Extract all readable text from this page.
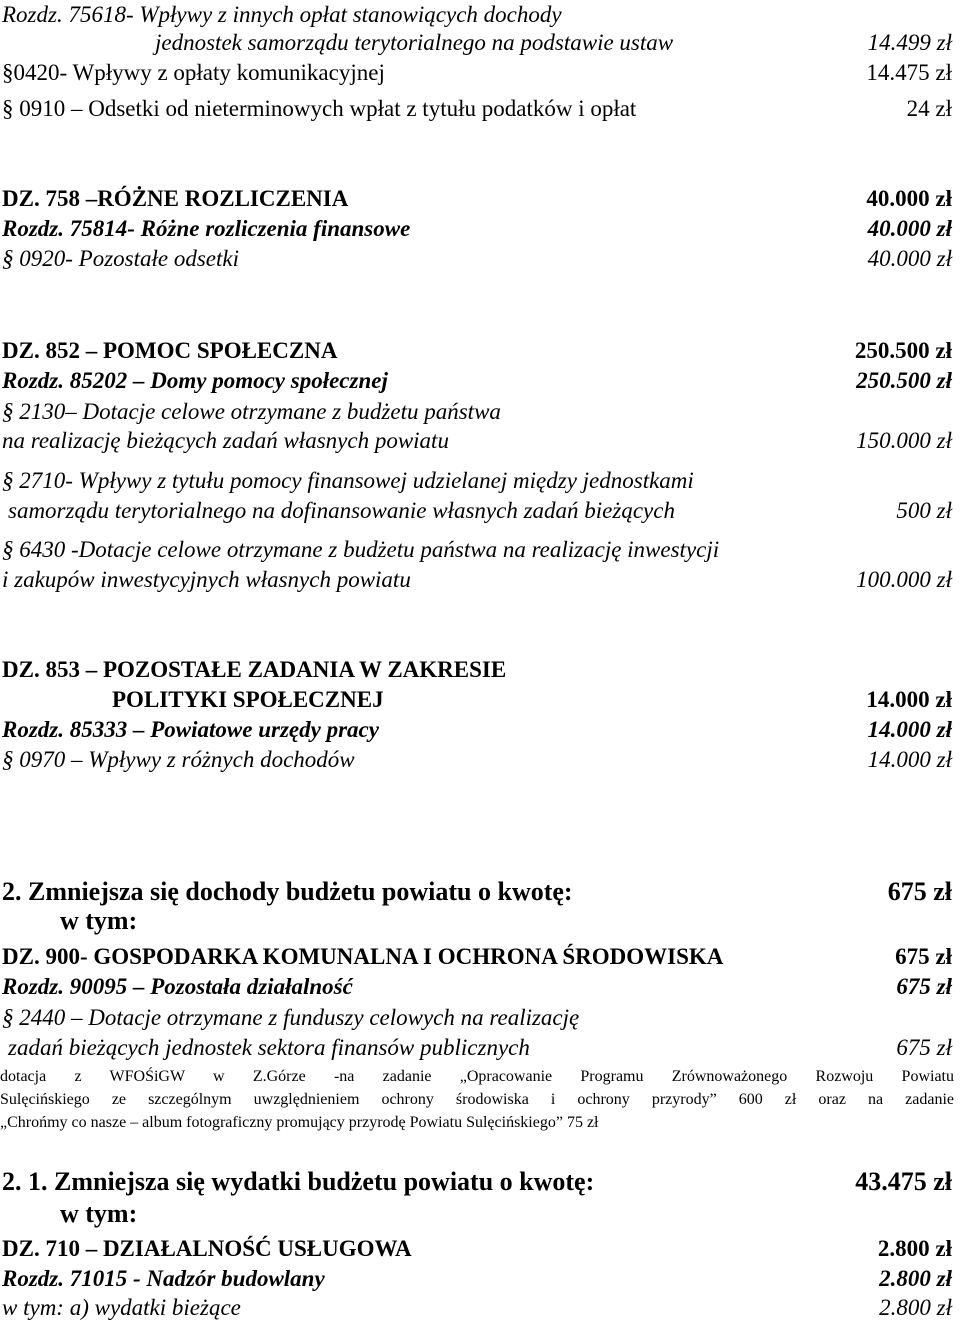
Rozdz. 75618- Wpływy z innych opłat stanowiących dochody
jednostek samorządu terytorialnego na podstawie ustaw	14.499 zł
§0420- Wpływy z opłaty komunikacyjnej	14.475 zł
§ 0910 – Odsetki od nieterminowych wpłat z tytułu podatków i opłat	24 zł
DZ. 758 –RÓŻNE ROZLICZENIA	40.000 zł
Rozdz. 75814- Różne rozliczenia finansowe	40.000 zł
§ 0920- Pozostałe odsetki	40.000 zł
DZ. 852 – POMOC SPOŁECZNA	250.500 zł
Rozdz. 85202 – Domy pomocy społecznej	250.500 zł
§ 2130– Dotacje celowe otrzymane z budżetu państwa
na realizację bieżących zadań własnych powiatu	150.000 zł
§ 2710- Wpływy z tytułu pomocy finansowej udzielanej między jednostkami
samorządu terytorialnego na dofinansowanie własnych zadań bieżących	500 zł
§ 6430 -Dotacje celowe otrzymane z budżetu państwa na realizację inwestycji
i zakupów inwestycyjnych własnych powiatu	100.000 zł
DZ. 853 – POZOSTAŁE ZADANIA W ZAKRESIE
POLITYKI SPOŁECZNEJ	14.000 zł
Rozdz. 85333 – Powiatowe urzędy pracy	14.000 zł
§ 0970 – Wpływy z różnych dochodów	14.000 zł
2. Zmniejsza się dochody budżetu powiatu o kwotę:	675 zł
w tym:
DZ. 900- GOSPODARKA KOMUNALNA I OCHRONA ŚRODOWISKA	675 zł
Rozdz. 90095 – Pozostała działalność	675 zł
§ 2440 – Dotacje otrzymane z funduszy celowych na realizację
zadań bieżących jednostek sektora finansów publicznych	675 zł
dotacja z WFOŚiGW w Z.Górze -na zadanie „Opracowanie Programu Zrównoważonego Rozwoju Powiatu
Sulęcińskiego ze szczególnym uwzględnieniem ochrony środowiska i ochrony przyrody” 600 zł oraz na zadanie
„Chrońmy co nasze – album fotograficzny promujący przyrodę Powiatu Sulęcińskiego” 75 zł
2. 1. Zmniejsza się wydatki budżetu powiatu o kwotę:	43.475 zł
w tym:
DZ. 710 – DZIAŁALNOŚĆ USŁUGOWA	2.800 zł
Rozdz. 71015 - Nadzór budowlany	2.800 zł
w tym: a) wydatki bieżące	2.800 zł
